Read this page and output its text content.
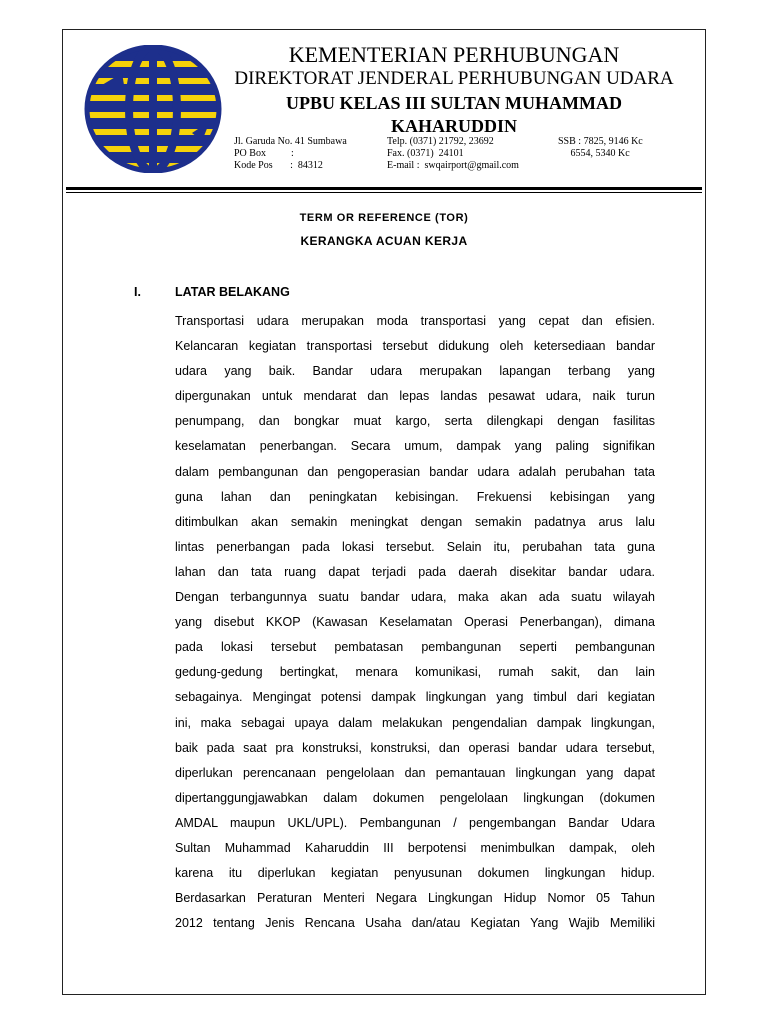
KEMENTERIAN PERHUBUNGAN
DIREKTORAT JENDERAL PERHUBUNGAN UDARA
UPBU KELAS III SULTAN MUHAMMAD KAHARUDDIN
Jl. Garuda No. 41 Sumbawa
PO Box          :
Kode Pos       :  84312
Telp. (0371) 21792, 23692
Fax. (0371)  24101
E-mail :  swqairport@gmail.com
SSB : 7825, 9146 Kc
6554, 5340 Kc
TERM OR REFERENCE (TOR)
KERANGKA ACUAN KERJA
I.	LATAR BELAKANG
Transportasi udara merupakan moda transportasi yang cepat dan efisien.
Kelancaran kegiatan transportasi tersebut didukung oleh ketersediaan bandar
udara yang baik. Bandar udara merupakan lapangan terbang yang
dipergunakan untuk mendarat dan lepas landas pesawat udara, naik turun
penumpang, dan bongkar muat kargo, serta dilengkapi dengan fasilitas
keselamatan penerbangan. Secara umum, dampak yang paling signifikan
dalam pembangunan dan pengoperasian bandar udara adalah perubahan tata
guna lahan dan peningkatan kebisingan. Frekuensi kebisingan yang
ditimbulkan akan semakin meningkat dengan semakin padatnya arus lalu
lintas penerbangan pada lokasi tersebut. Selain itu, perubahan tata guna
lahan dan tata ruang dapat terjadi pada daerah disekitar bandar udara.
Dengan terbangunnya suatu bandar udara, maka akan ada suatu wilayah
yang disebut KKOP (Kawasan Keselamatan Operasi Penerbangan), dimana
pada lokasi tersebut pembatasan pembangunan seperti pembangunan
gedung-gedung bertingkat, menara komunikasi, rumah sakit, dan lain
sebagainya. Mengingat potensi dampak lingkungan yang timbul dari kegiatan
ini, maka sebagai upaya dalam melakukan pengendalian dampak lingkungan,
baik pada saat pra konstruksi, konstruksi, dan operasi bandar udara tersebut,
diperlukan perencanaan pengelolaan dan pemantauan lingkungan yang dapat
dipertanggungjawabkan dalam dokumen pengelolaan lingkungan (dokumen
AMDAL maupun UKL/UPL). Pembangunan / pengembangan Bandar Udara
Sultan Muhammad Kaharuddin III berpotensi menimbulkan dampak, oleh
karena itu diperlukan kegiatan penyusunan dokumen lingkungan hidup.
Berdasarkan Peraturan Menteri Negara Lingkungan Hidup Nomor 05 Tahun
2012 tentang Jenis Rencana Usaha dan/atau Kegiatan Yang Wajib Memiliki
